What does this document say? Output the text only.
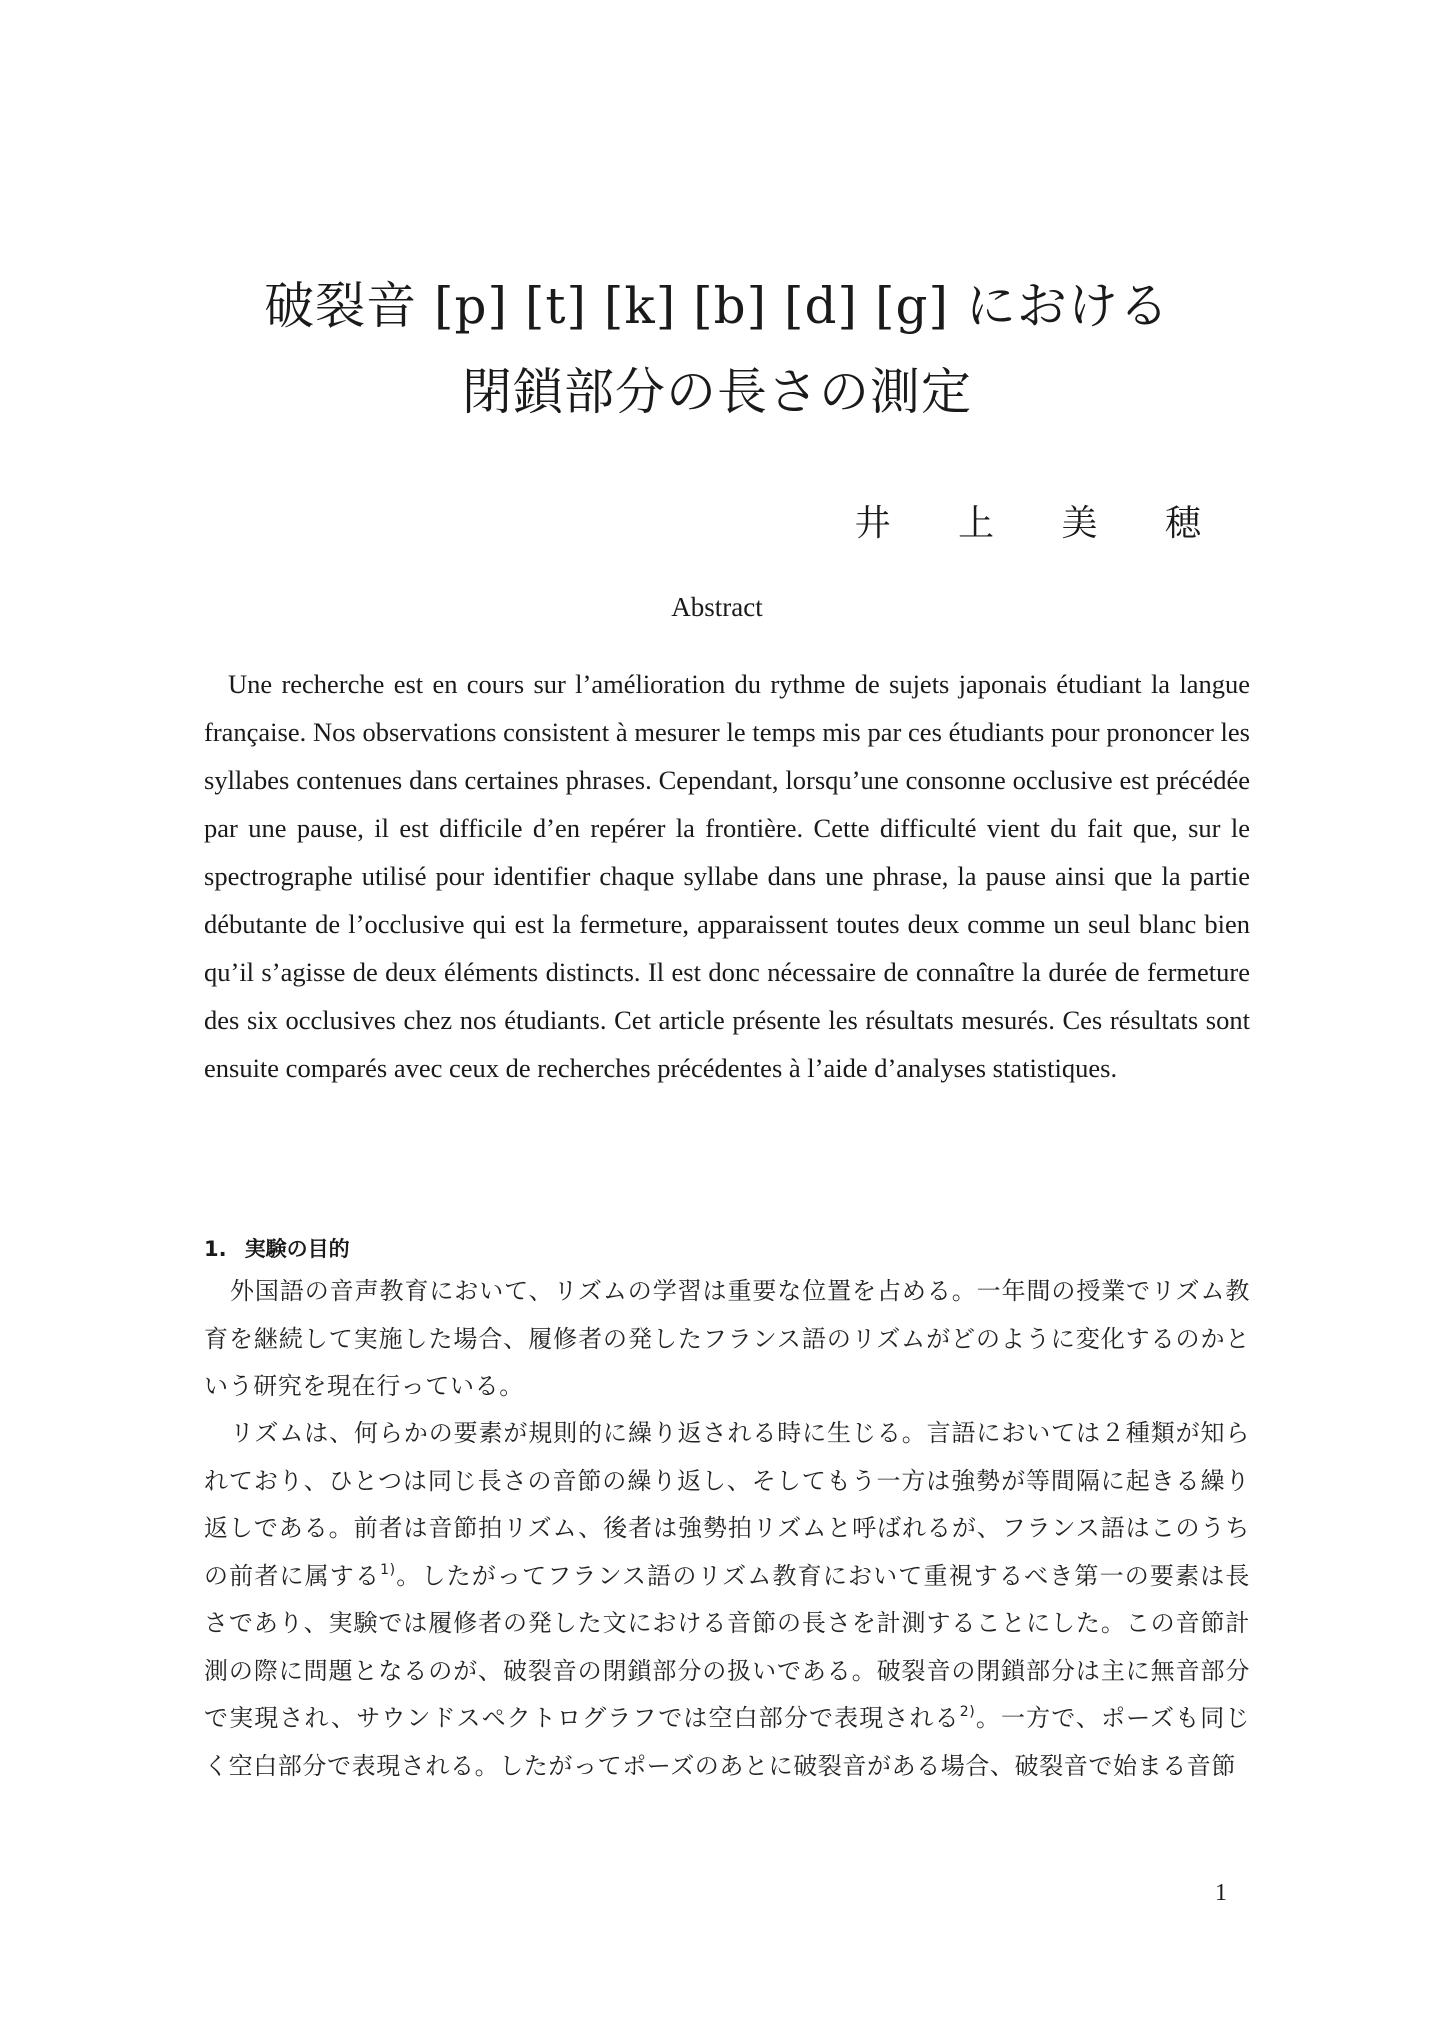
破裂音 [p] [t] [k] [b] [d] [g] における
閉鎖部分の長さの測定
井 上 美 穂
Abstract

Une recherche est en cours sur l’amélioration du rythme de sujets japonais étudiant la langue française. Nos observations consistent à mesurer le temps mis par ces étudiants pour prononcer les syllabes contenues dans certaines phrases. Cependant, lorsqu’une consonne occlusive est précédée par une pause, il est difficile d’en repérer la frontière. Cette difficulté vient du fait que, sur le spectrographe utilisé pour identifier chaque syllabe dans une phrase, la pause ainsi que la partie débutante de l’occlusive qui est la fermeture, apparaissent toutes deux comme un seul blanc bien qu’il s’agisse de deux éléments distincts. Il est donc nécessaire de connaître la durée de fermeture des six occlusives chez nos étudiants. Cet article présente les résultats mesurés. Ces résultats sont ensuite comparés avec ceux de recherches précédentes à l’aide d’analyses statistiques.

1. 実験の目的

外国語の音声教育において、リズムの学習は重要な位置を占める。一年間の授業でリズム教育を継続して実施した場合、履修者の発したフランス語のリズムがどのように変化するのかという研究を現在行っている。

リズムは、何らかの要素が規則的に繰り返される時に生じる。言語においては２種類が知られており、ひとつは同じ長さの音節の繰り返し、そしてもう一方は強勢が等間隔に起きる繰り返しである。前者は音節拍リズム、後者は強勢拍リズムと呼ばれるが、フランス語はこのうちの前者に属する$^{1)}$。したがってフランス語のリズム教育において重視するべき第一の要素は長さであり、実験では履修者の発した文における音節の長さを計測することにした。この音節計測の際に問題となるのが、破裂音の閉鎖部分の扱いである。破裂音の閉鎖部分は主に無音部分で実現され、サウンドスペクトログラフでは空白部分で表現される$^{2)}$。一方で、ポーズも同じく空白部分で表現される。したがってポーズのあとに破裂音がある場合、破裂音で始まる音節

1
